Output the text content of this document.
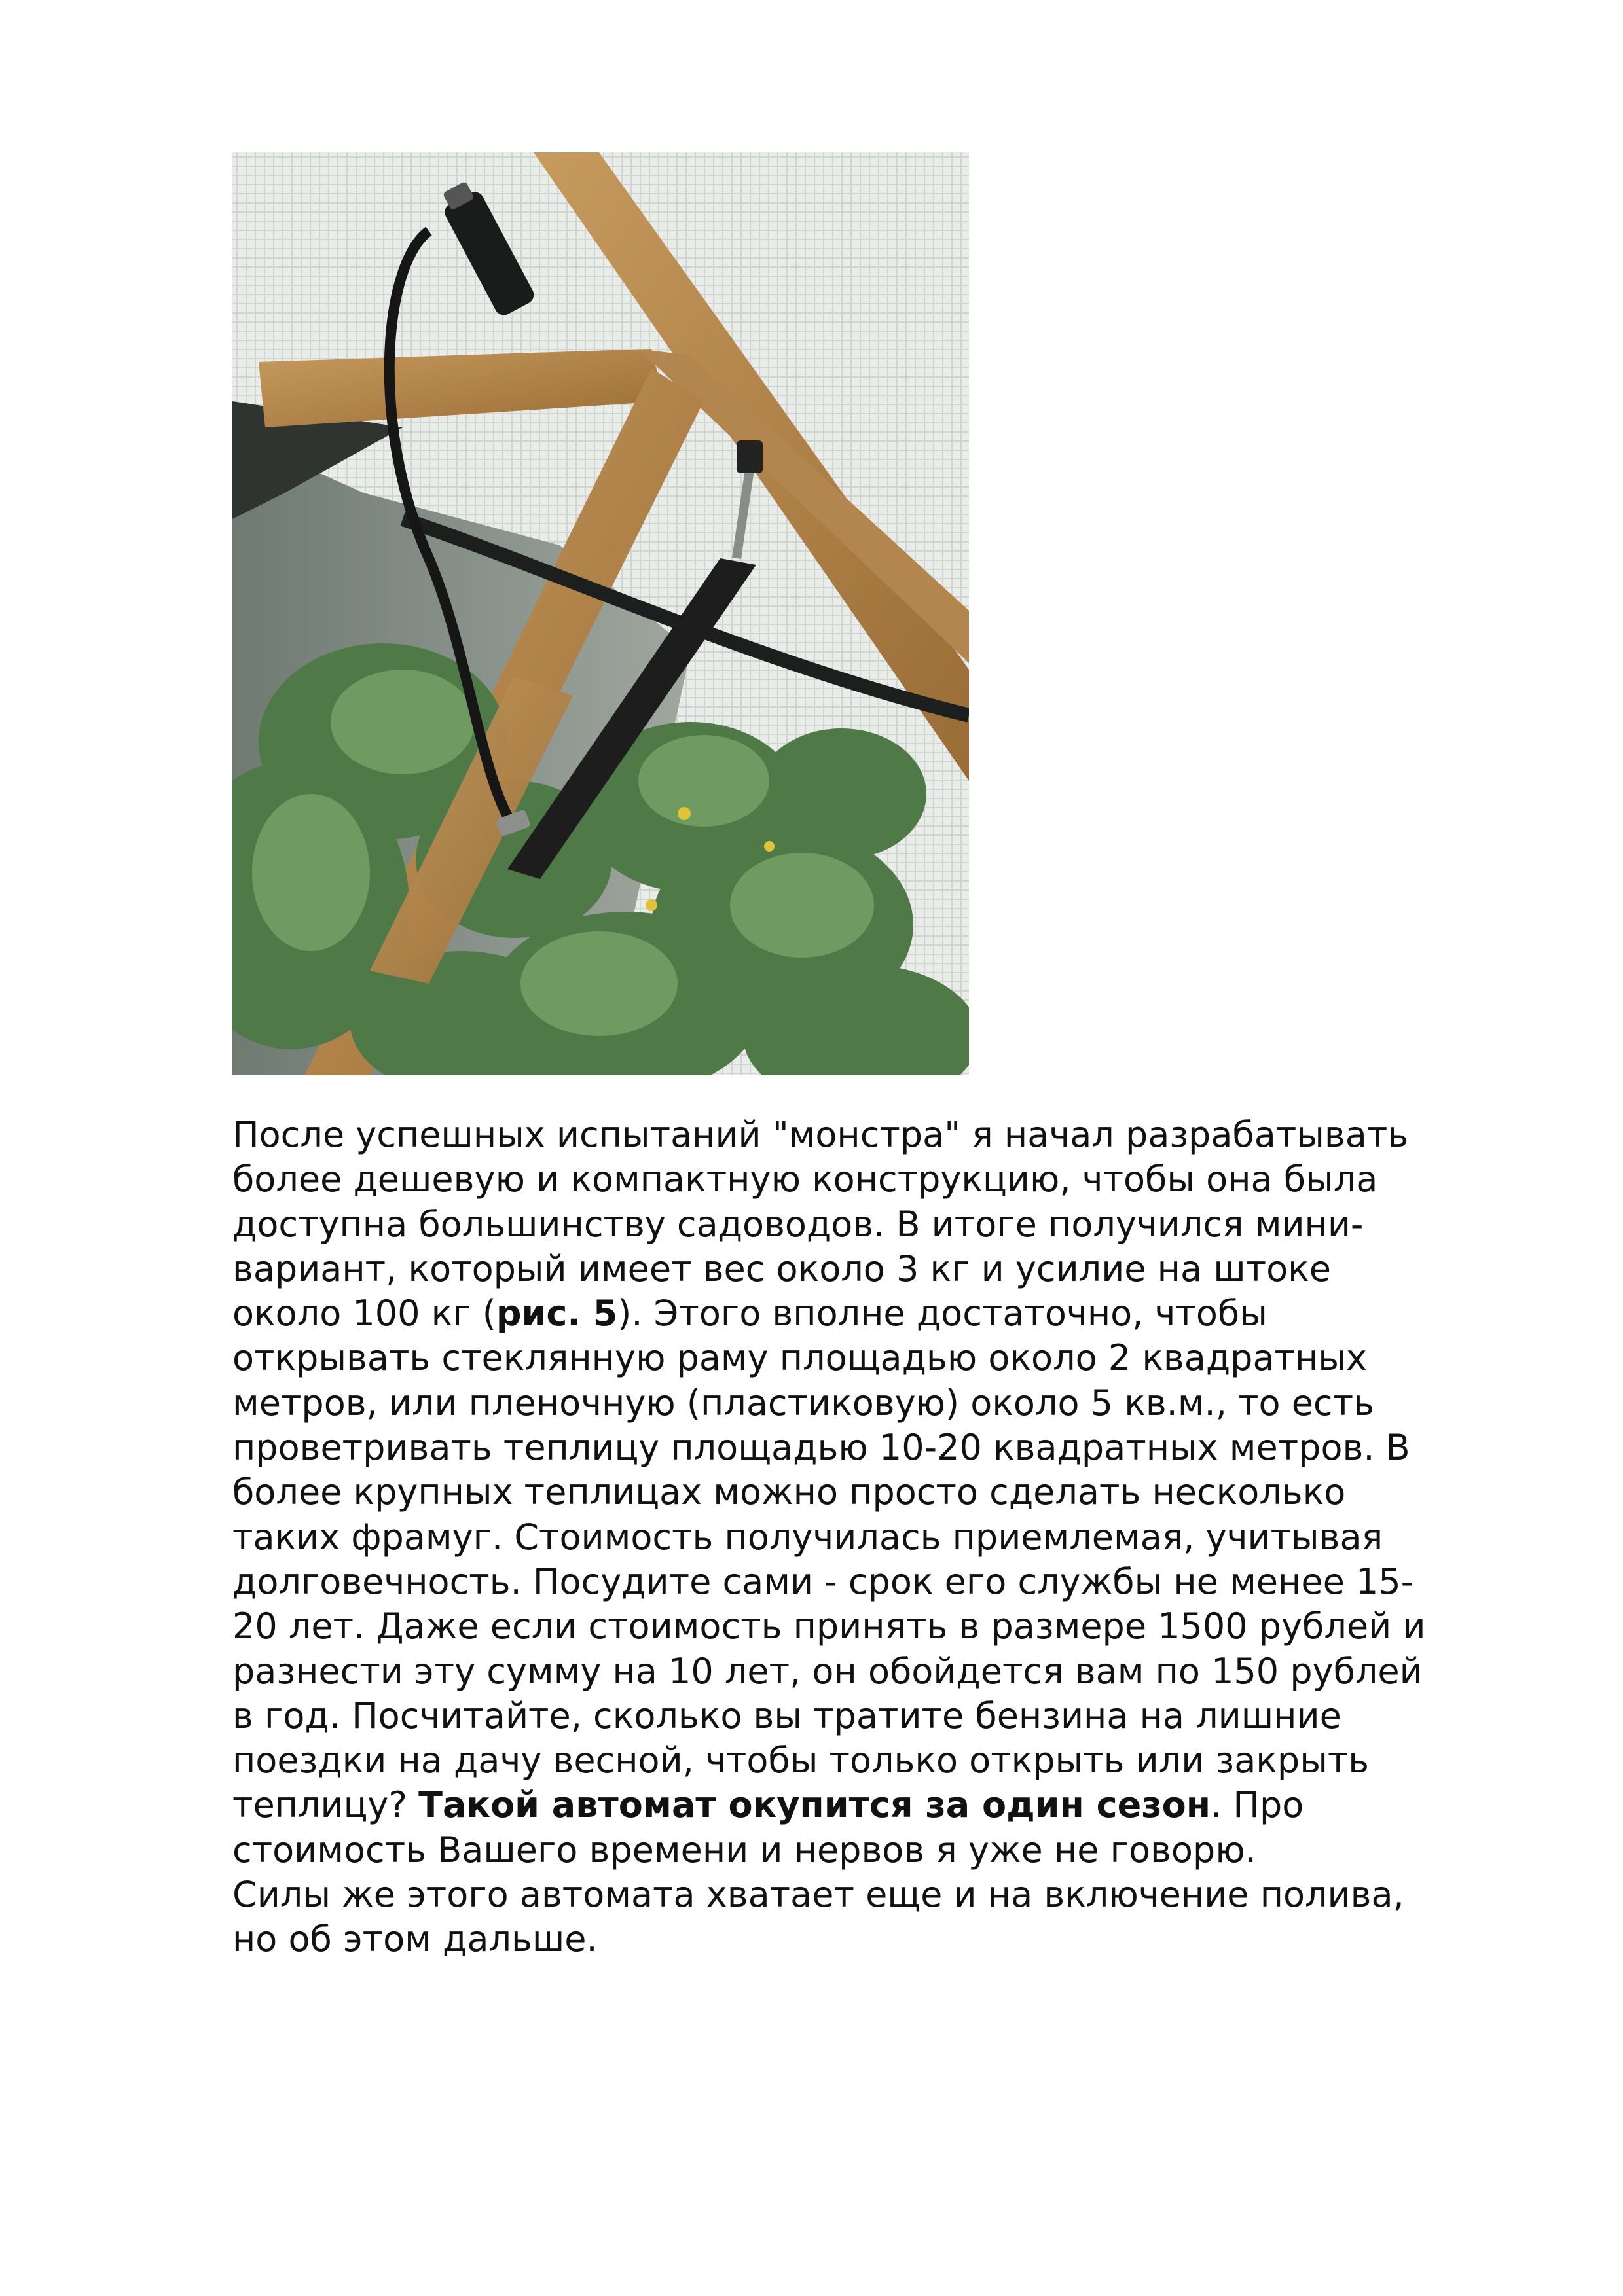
После успешных испытаний "монстра" я начал разрабатывать
более дешевую и компактную конструкцию, чтобы она была
доступна большинству садоводов. В итоге получился мини-
вариант, который имеет вес около 3 кг и усилие на штоке
около 100 кг (рис. 5). Этого вполне достаточно, чтобы
открывать стеклянную раму площадью около 2 квадратных
метров, или пленочную (пластиковую) около 5 кв.м., то есть
проветривать теплицу площадью 10-20 квадратных метров. В
более крупных теплицах можно просто сделать несколько
таких фрамуг. Стоимость получилась приемлемая, учитывая
долговечность. Посудите сами - срок его службы не менее 15-
20 лет. Даже если стоимость принять в размере 1500 рублей и
разнести эту сумму на 10 лет, он обойдется вам по 150 рублей
в год. Посчитайте, сколько вы тратите бензина на лишние
поездки на дачу весной, чтобы только открыть или закрыть
теплицу? Такой автомат окупится за один сезон. Про
стоимость Вашего времени и нервов я уже не говорю.
Силы же этого автомата хватает еще и на включение полива,
но об этом дальше.
